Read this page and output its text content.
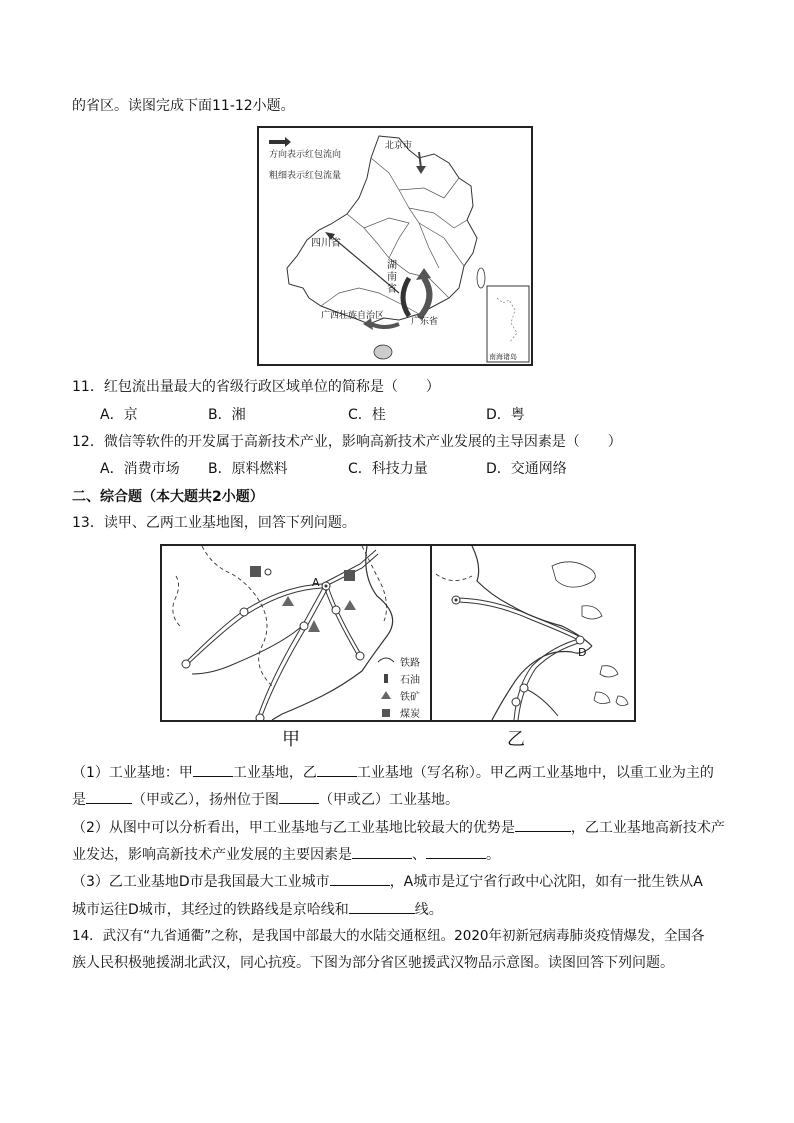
的省区。读图完成下面11-12小题。
方向表示红包流向
粗细表示红包流量
南海诸岛
北京市
四川省
湖
南
省
广西壮族自治区
广东省
11．红包流出量最大的省级行政区域单位的简称是（　　）
A．京	B．湘	C．桂	D．粤
12．微信等软件的开发属于高新技术产业，影响高新技术产业发展的主导因素是（　　）
A．消费市场 B．原料燃料	C．科技力量	D．交通网络
二、综合题（本大题共2小题）
13．读甲、乙两工业基地图，回答下列问题。
A
铁路
石油
铁矿
煤炭
D
甲	乙
（1）工业基地：甲	工业基地，乙	工业基地（写名称）。甲乙两工业基地中，以重工业为主的
是	（甲或乙），扬州位于图	（甲或乙）工业基地。
（2）从图中可以分析看出，甲工业基地与乙工业基地比较最大的优势是	，乙工业基地高新技术产
业发达，影响高新技术产业发展的主要因素是	、	。
（3）乙工业基地D市是我国最大工业城市	，A城市是辽宁省行政中心沈阳，如有一批生铁从A
城市运往D城市，其经过的铁路线是京哈线和	线。
14．武汉有“九省通衢”之称，是我国中部最大的水陆交通枢纽。2020年初新冠病毒肺炎疫情爆发，全国各
族人民积极驰援湖北武汉，同心抗疫。下图为部分省区驰援武汉物品示意图。读图回答下列问题。
